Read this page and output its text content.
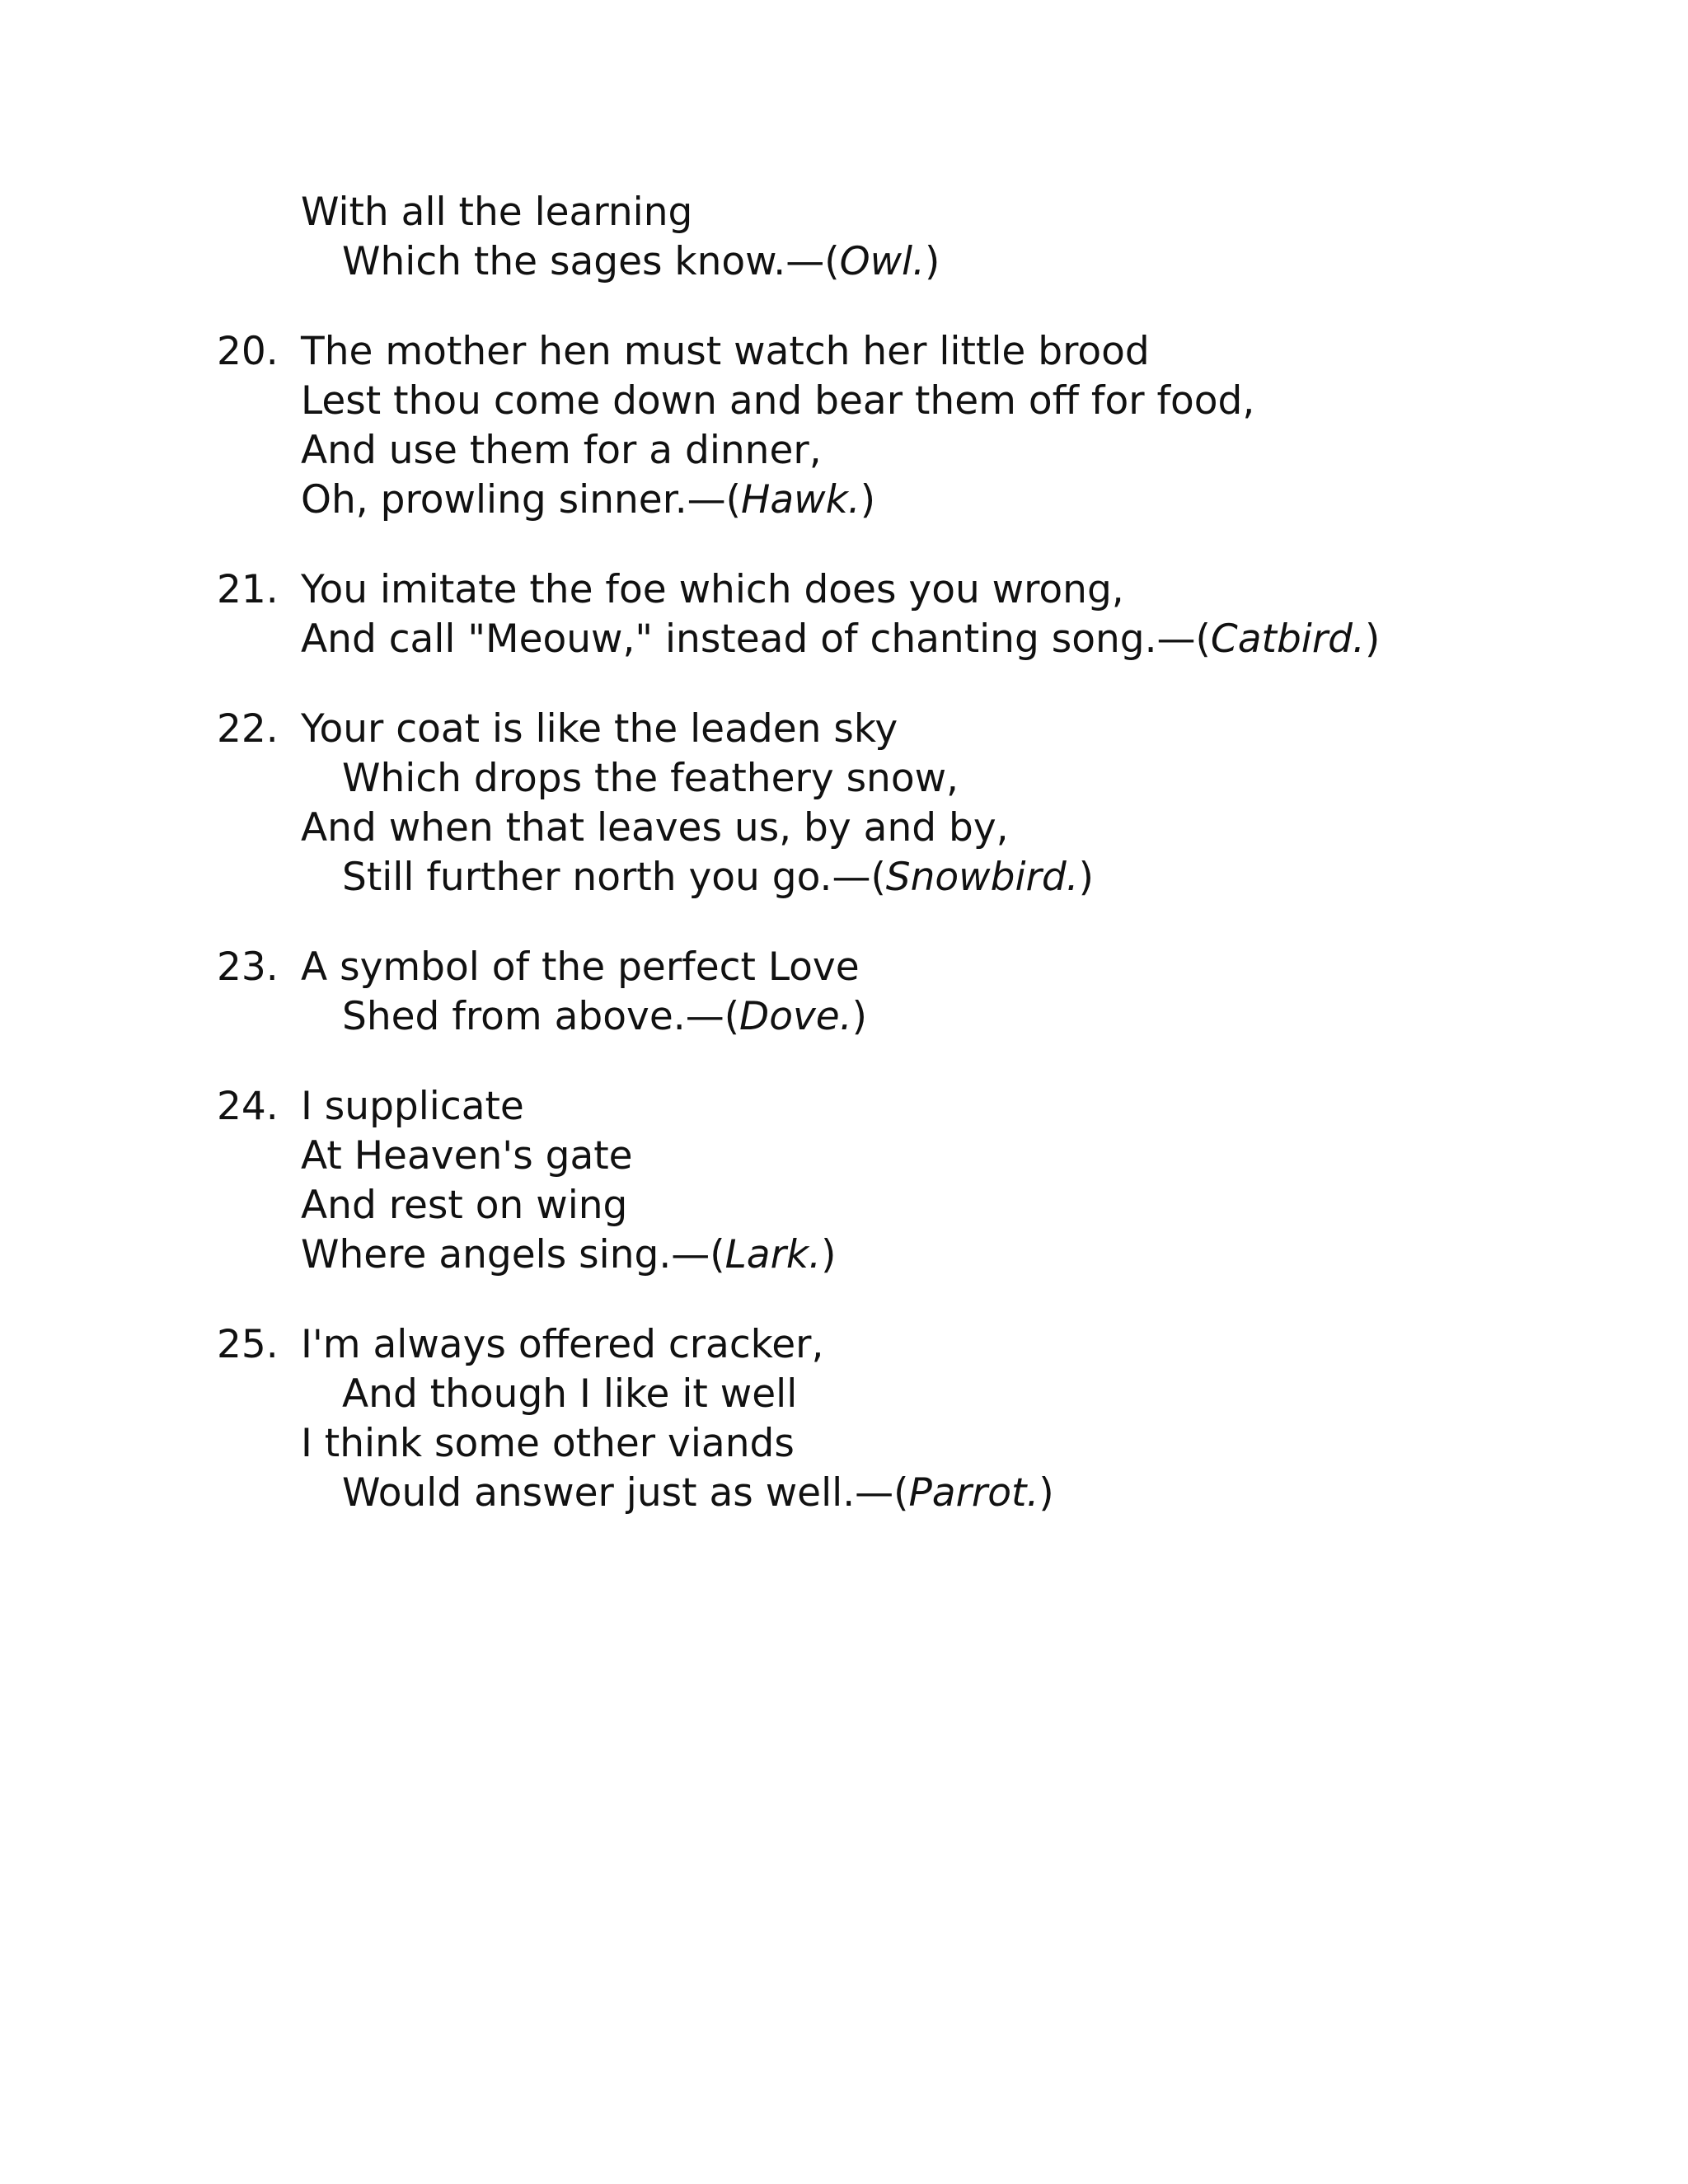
With all the learning
Which the sages know.—(Owl.)
20. The mother hen must watch her little brood
Lest thou come down and bear them off for food,
And use them for a dinner,
Oh, prowling sinner.—(Hawk.)
21. You imitate the foe which does you wrong,
And call "Meouw," instead of chanting song.—(Catbird.)
22. Your coat is like the leaden sky
Which drops the feathery snow,
And when that leaves us, by and by,
Still further north you go.—(Snowbird.)
23. A symbol of the perfect Love
Shed from above.—(Dove.)
24. I supplicate
At Heaven's gate
And rest on wing
Where angels sing.—(Lark.)
25. I'm always offered cracker,
And though I like it well
I think some other viands
Would answer just as well.—(Parrot.)
